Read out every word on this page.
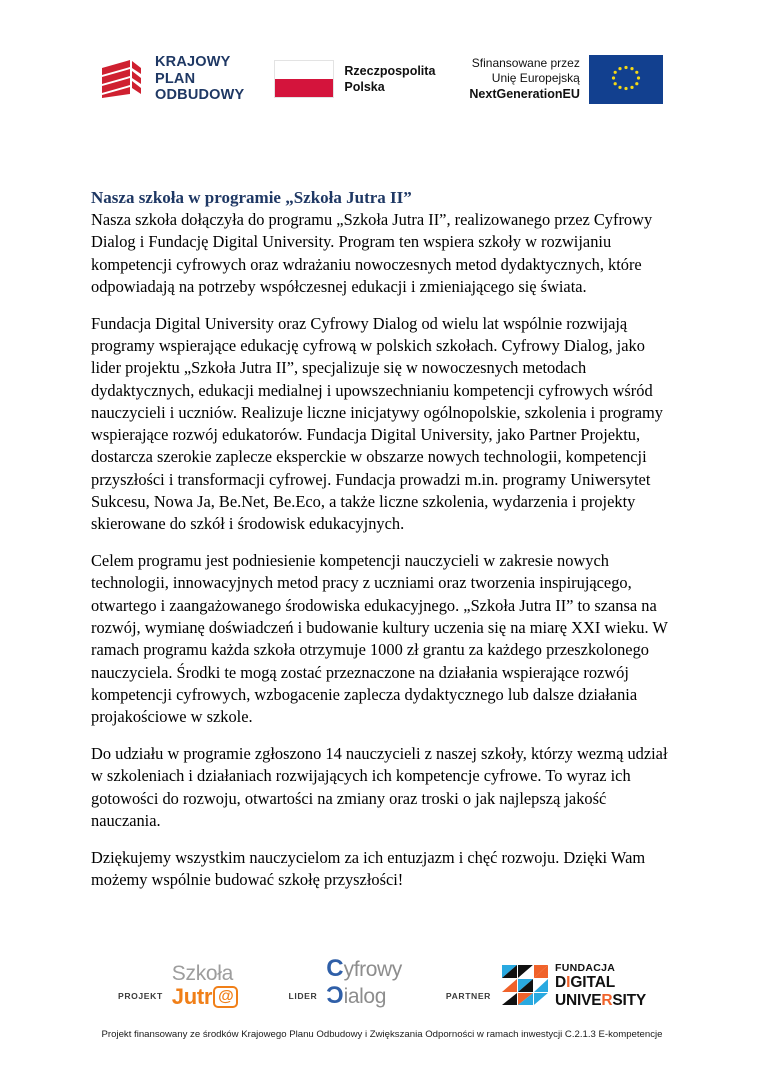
KRAJOWY
PLAN
ODBUDOWY
Rzeczpospolita
Polska
Sfinansowane przez
Unię Europejską
NextGenerationEU
Nasza szkoła w programie „Szkoła Jutra II”

Nasza szkoła dołączyła do programu „Szkoła Jutra II”, realizowanego przez Cyfrowy Dialog i Fundację Digital University. Program ten wspiera szkoły w rozwijaniu kompetencji cyfrowych oraz wdrażaniu nowoczesnych metod dydaktycznych, które odpowiadają na potrzeby współczesnej edukacji i zmieniającego się świata.

Fundacja Digital University oraz Cyfrowy Dialog od wielu lat wspólnie rozwijają programy wspierające edukację cyfrową w polskich szkołach. Cyfrowy Dialog, jako lider projektu „Szkoła Jutra II”, specjalizuje się w nowoczesnych metodach dydaktycznych, edukacji medialnej i upowszechnianiu kompetencji cyfrowych wśród nauczycieli i uczniów. Realizuje liczne inicjatywy ogólnopolskie, szkolenia i programy wspierające rozwój edukatorów. Fundacja Digital University, jako Partner Projektu, dostarcza szerokie zaplecze eksperckie w obszarze nowych technologii, kompetencji przyszłości i transformacji cyfrowej. Fundacja prowadzi m.in. programy Uniwersytet Sukcesu, Nowa Ja, Be.Net, Be.Eco, a także liczne szkolenia, wydarzenia i projekty skierowane do szkół i środowisk edukacyjnych.

Celem programu jest podniesienie kompetencji nauczycieli w zakresie nowych technologii, innowacyjnych metod pracy z uczniami oraz tworzenia inspirującego, otwartego i zaangażowanego środowiska edukacyjnego. „Szkoła Jutra II” to szansa na rozwój, wymianę doświadczeń i budowanie kultury uczenia się na miarę XXI wieku. W ramach programu każda szkoła otrzymuje 1000 zł grantu za każdego przeszkolonego nauczyciela. Środki te mogą zostać przeznaczone na działania wspierające rozwój kompetencji cyfrowych, wzbogacenie zaplecza dydaktycznego lub dalsze działania projakościowe w szkole.

Do udziału w programie zgłoszono 14 nauczycieli z naszej szkoły, którzy wezmą udział w szkoleniach i działaniach rozwijających ich kompetencje cyfrowe. To wyraz ich gotowości do rozwoju, otwartości na zmiany oraz troski o jak najlepszą jakość nauczania.

Dziękujemy wszystkim nauczycielom za ich entuzjazm i chęć rozwoju. Dzięki Wam możemy wspólnie budować szkołę przyszłości!

PROJEKT
Szkoła
Jutr @	LIDER
C yfrowy
Ɔ ialog	PARTNER
FUNDACJA
DIGITAL
UNIVERSITY
Projekt finansowany ze środków Krajowego Planu Odbudowy i Zwiększania Odporności w ramach inwestycji C.2.1.3 E-kompetencje
